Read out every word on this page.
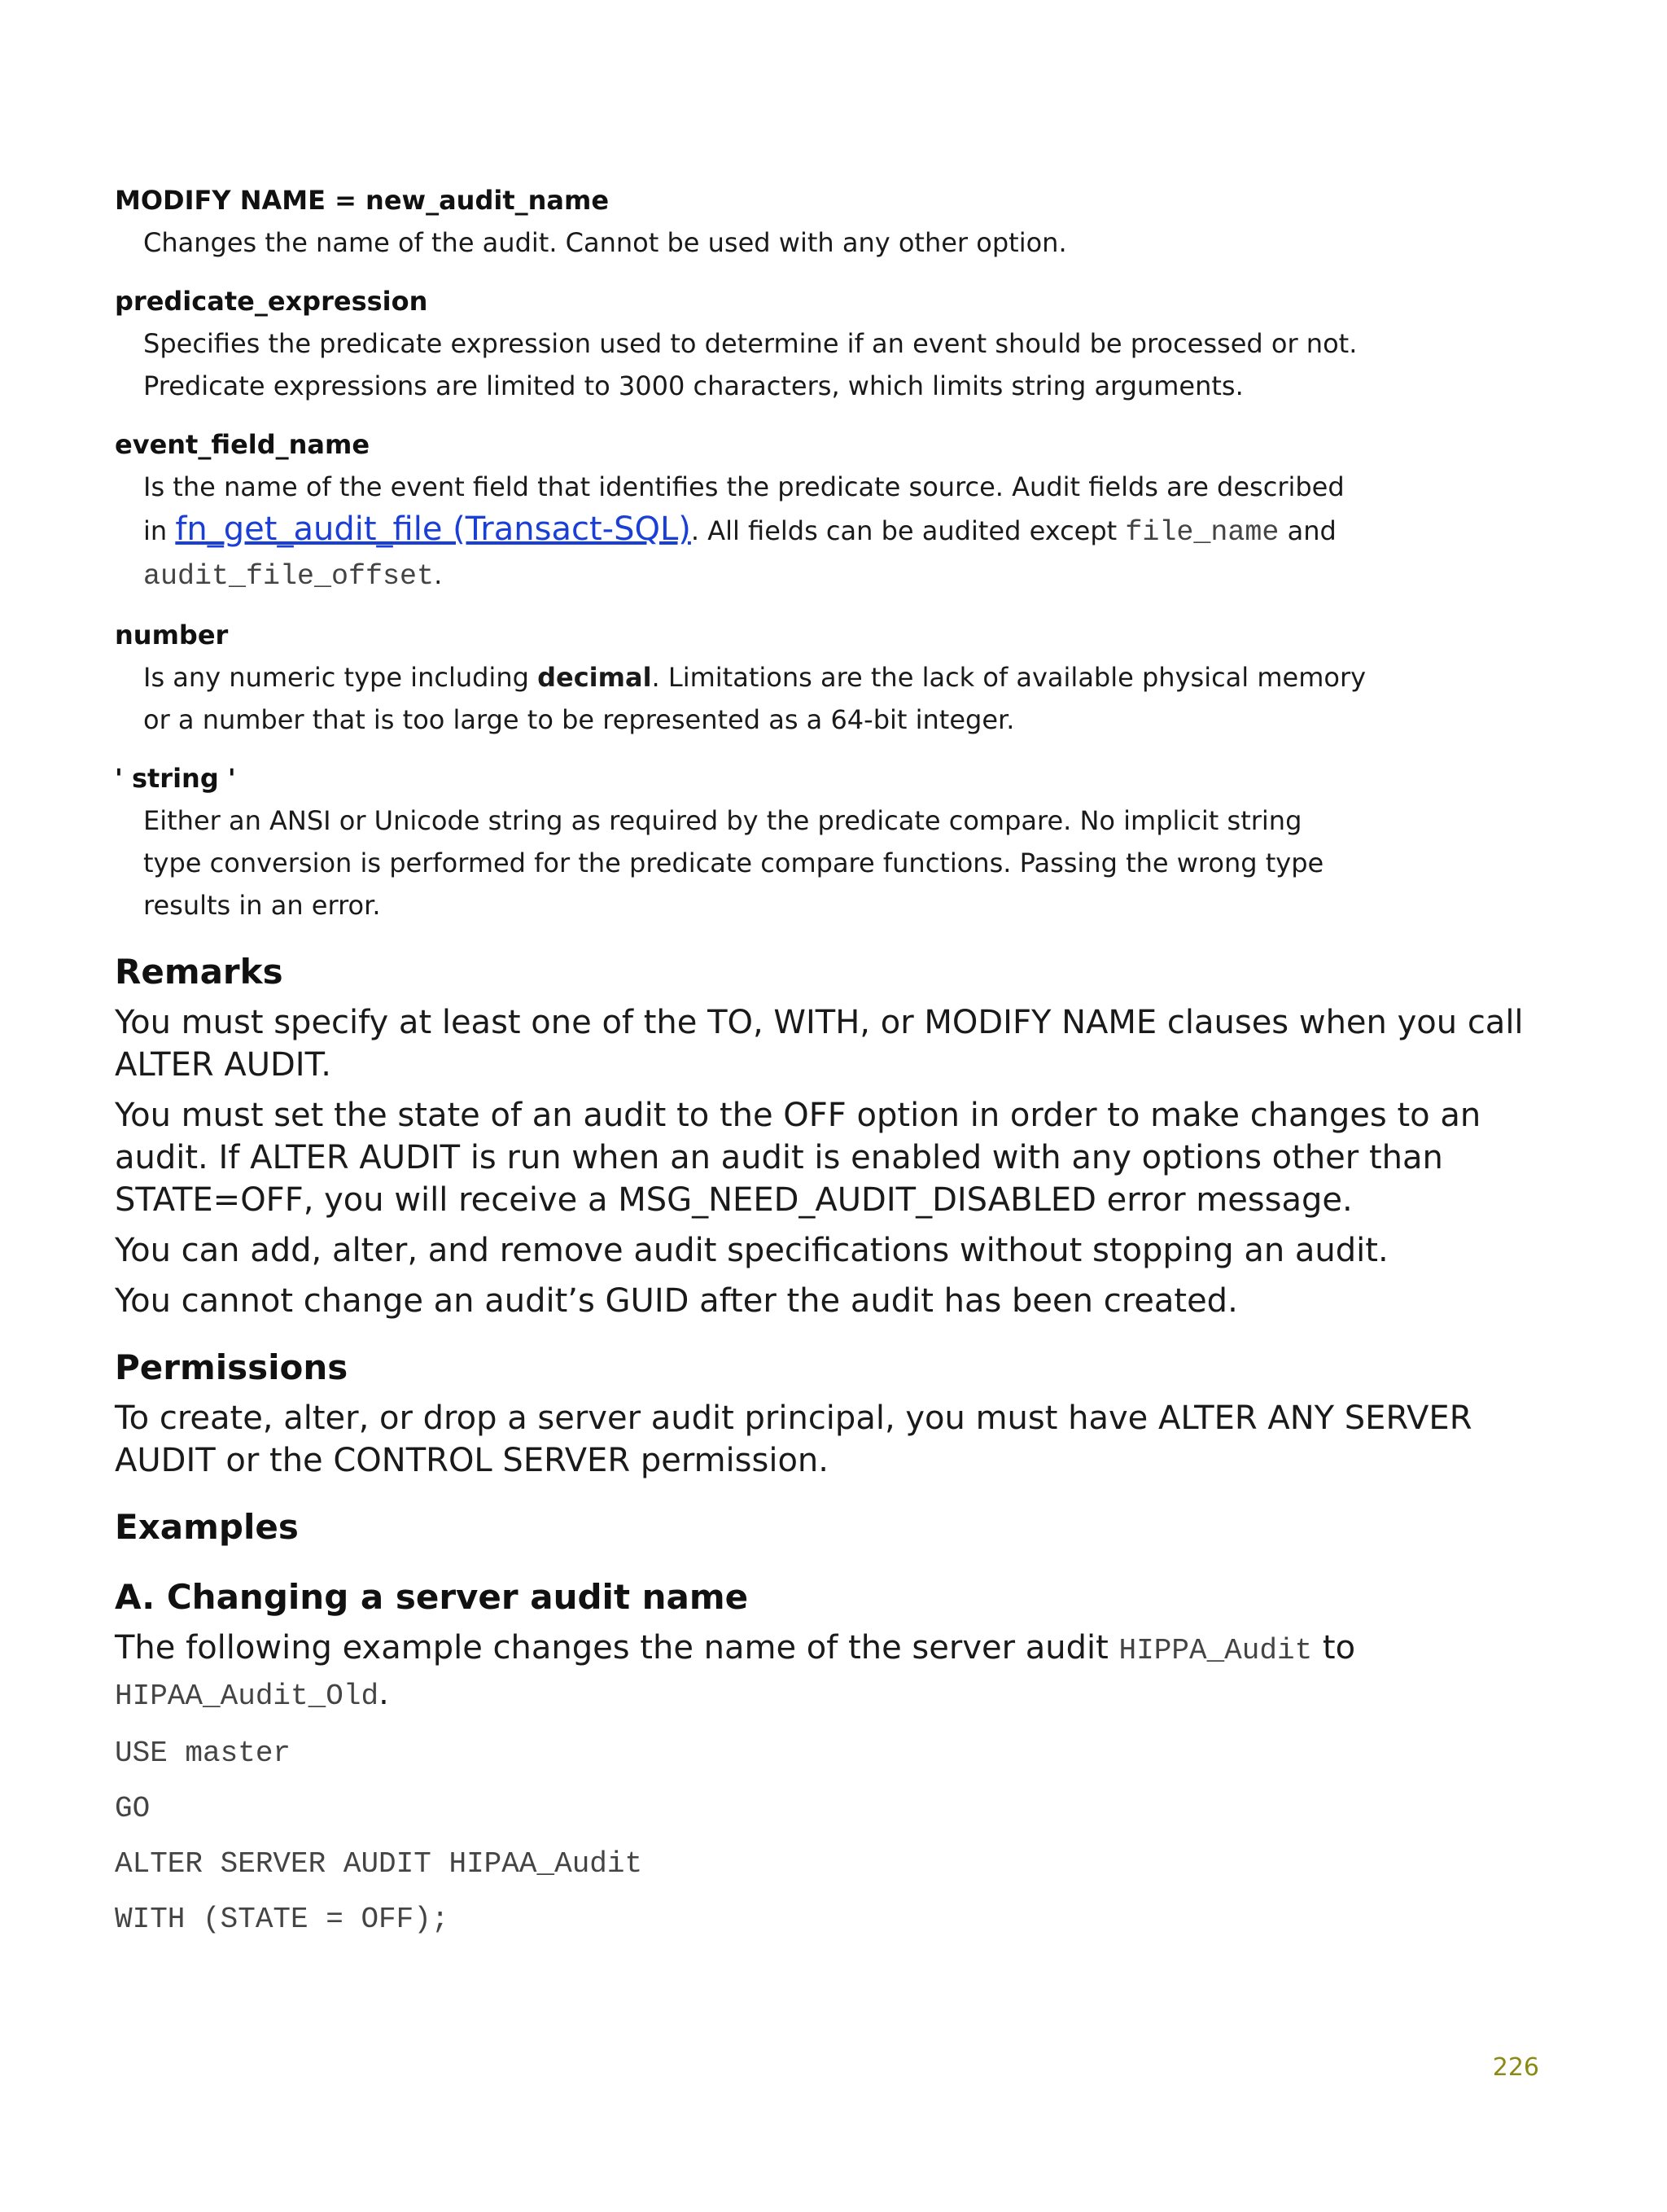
MODIFY NAME = new_audit_name

Changes the name of the audit. Cannot be used with any other option.

predicate_expression

Specifies the predicate expression used to determine if an event should be processed or not.
Predicate expressions are limited to 3000 characters, which limits string arguments.

event_field_name

Is the name of the event field that identifies the predicate source. Audit fields are described
in fn_get_audit_file (Transact-SQL). All fields can be audited except file_name and
audit_file_offset.

number

Is any numeric type including decimal. Limitations are the lack of available physical memory
or a number that is too large to be represented as a 64-bit integer.

' string '

Either an ANSI or Unicode string as required by the predicate compare. No implicit string
type conversion is performed for the predicate compare functions. Passing the wrong type
results in an error.
Remarks

You must specify at least one of the TO, WITH, or MODIFY NAME clauses when you call ALTER AUDIT.

You must set the state of an audit to the OFF option in order to make changes to an audit. If ALTER AUDIT is run when an audit is enabled with any options other than STATE=OFF, you will receive a MSG_NEED_AUDIT_DISABLED error message.

You can add, alter, and remove audit specifications without stopping an audit.

You cannot change an audit’s GUID after the audit has been created.

Permissions

To create, alter, or drop a server audit principal, you must have ALTER ANY SERVER AUDIT or the CONTROL SERVER permission.

Examples
A. Changing a server audit name

The following example changes the name of the server audit HIPPA_Audit to
HIPAA_Audit_Old.

USE master

GO

ALTER SERVER AUDIT HIPAA_Audit

WITH (STATE = OFF);

226
